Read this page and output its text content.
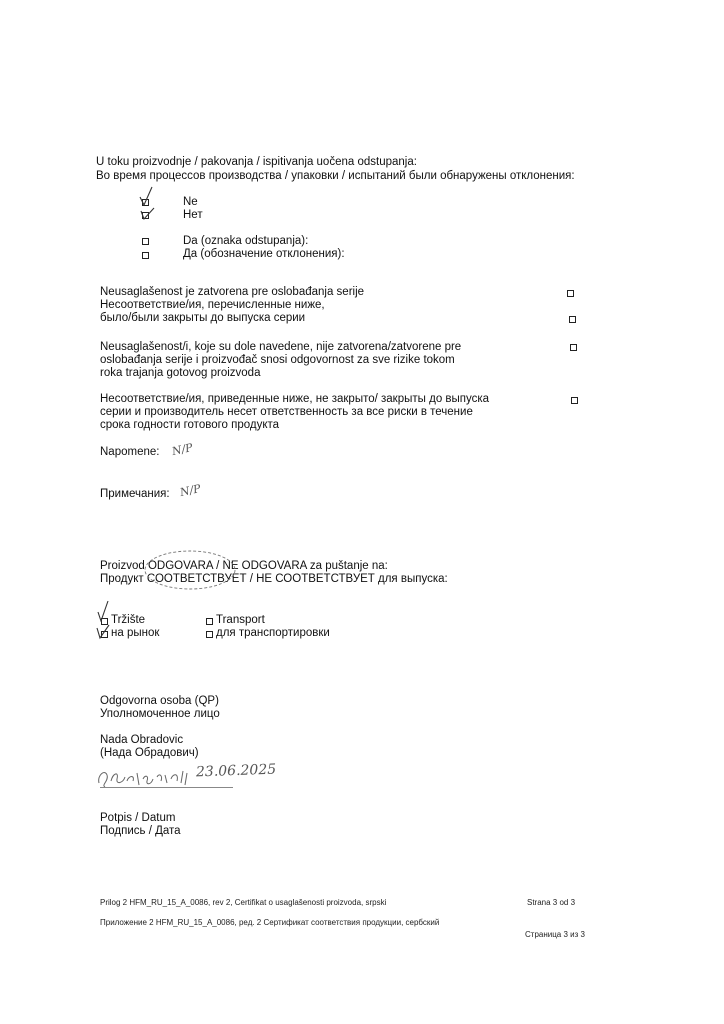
U toku proizvodnje / pakovanja / ispitivanja uočena odstupanja:
Во время процессов производства / упаковки / испытаний были обнаружены отклонения:
Ne
Нет
Da (oznaka odstupanja):
Да (обозначение отклонения):
Neusaglašenost je zatvorena pre oslobađanja serije
Несоответствие/ия, перечисленные ниже,
было/были закрыты до выпуска серии
Neusaglašenost/i, koje su dole navedene, nije zatvorena/zatvorene pre
oslobađanja serije i proizvođač snosi odgovornost za sve rizike tokom
roka trajanja gotovog proizvoda
Несоответствие/ия, приведенные ниже, не закрыто/ закрыты до выпуска
серии и производитель несет ответственность за все риски в течение
срока годности готового продукта
Napomene: N/P
Примечания: N/P
Proizvod ODGOVARA / NE ODGOVARA za puštanje na:
Продукт СООТВЕТСТВУЕТ / НЕ СООТВЕТСТВУЕТ для выпуска:
Tržište
на рынок
Transport
для транспортировки
Odgovorna osoba (QP)
Уполномоченное лицо
Nada Obradovic
(Нада Обрадович)
23.06.2025
Potpis / Datum
Подпись / Дата
Prilog 2 HFM_RU_15_A_0086, rev 2, Certifikat o usaglašenosti proizvoda, srpski	Strana 3 od 3
Приложение 2 HFM_RU_15_A_0086, ред. 2 Сертификат соответствия продукции, сербский
Страница 3 из 3
